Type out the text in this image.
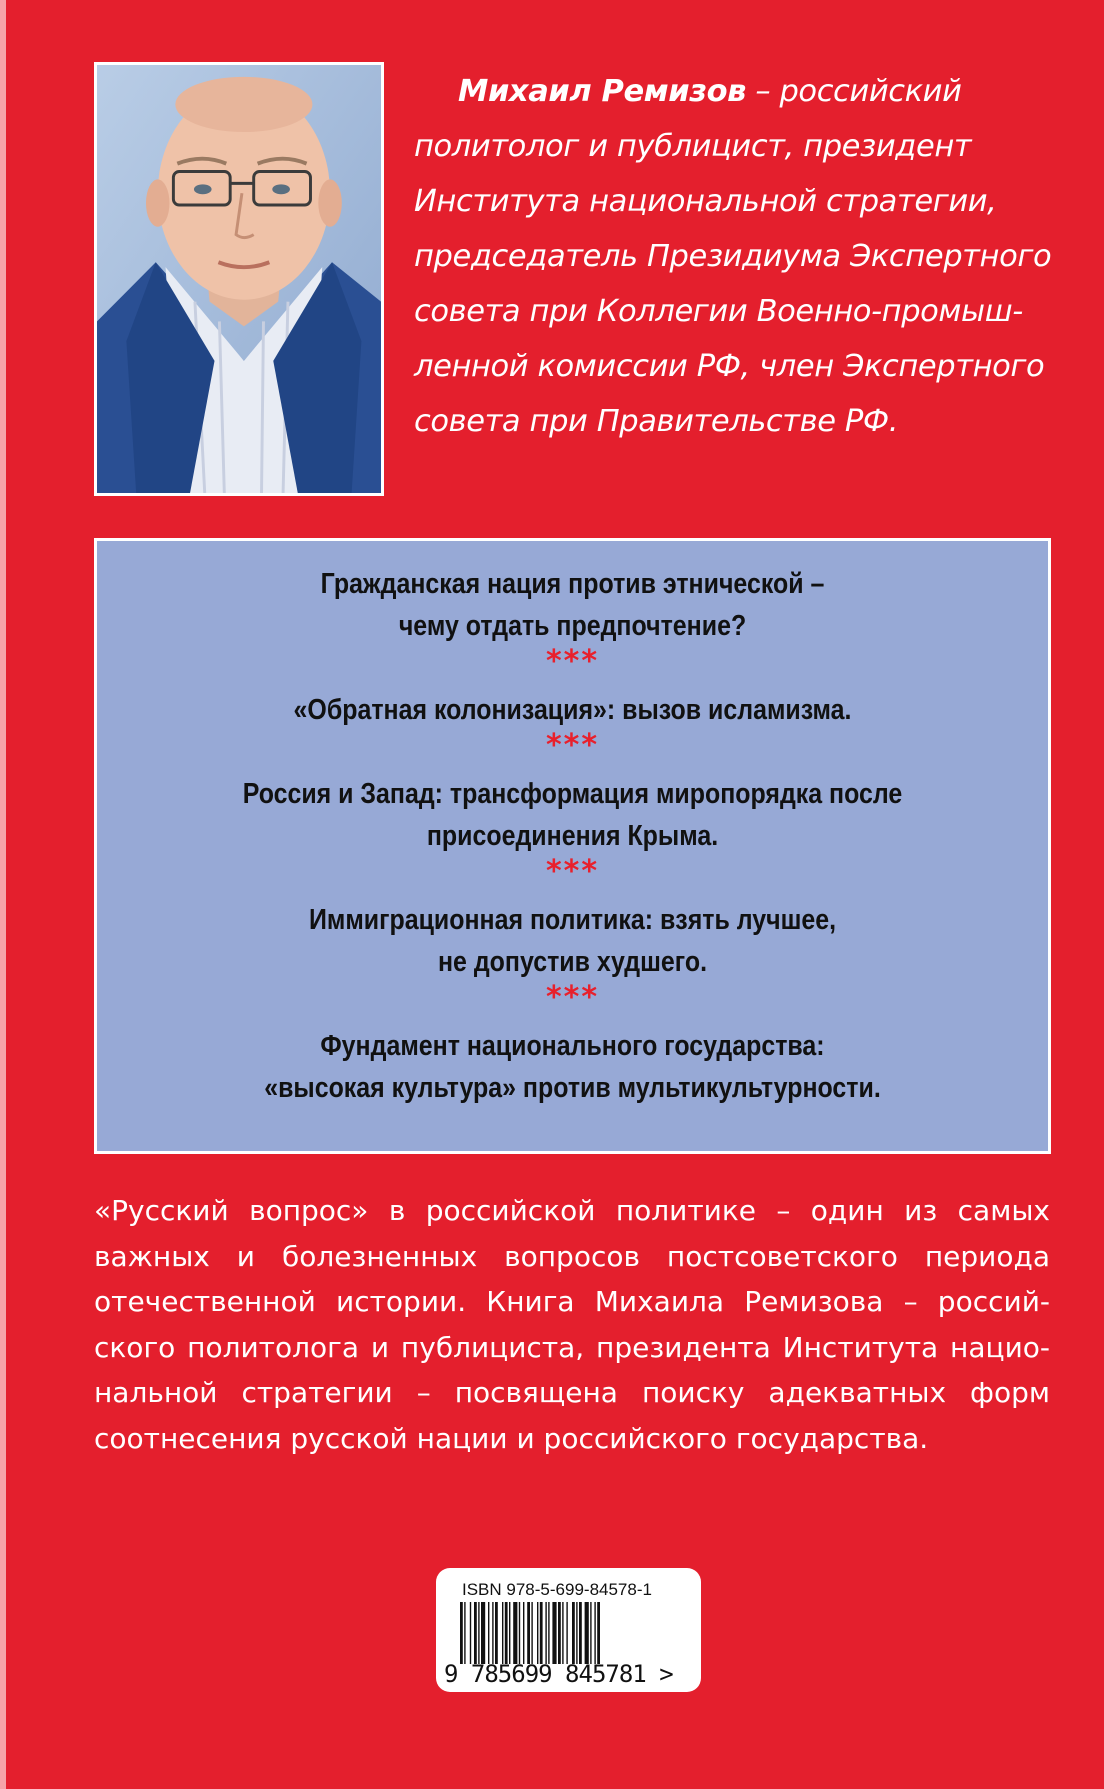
Михаил Ремизов – российский
политолог и публицист, президент
Института национальной стратегии,
председатель Президиума Экспертного
совета при Коллегии Военно-промыш-
ленной комиссии РФ, член Экспертного
совета при Правительстве РФ.
Гражданская нация против этнической –
чему отдать предпочтение?
***
«Обратная колонизация»: вызов исламизма.
***
Россия и Запад: трансформация миропорядка после
присоединения Крыма.
***
Иммиграционная политика: взять лучшее,
не допустив худшего.
***
Фундамент национального государства:
«высокая культура» против мультикультурности.
«Русский вопрос» в российской политике – один из самых
важных и болезненных вопросов постсоветского периода
отечественной истории. Книга Михаила Ремизова – россий-
ского политолога и публициста, президента Института нацио-
нальной стратегии – посвящена поиску адекватных форм
соотнесения русской нации и российского государства.
ISBN 978-5-699-84578-1
9 785699 845781 >
